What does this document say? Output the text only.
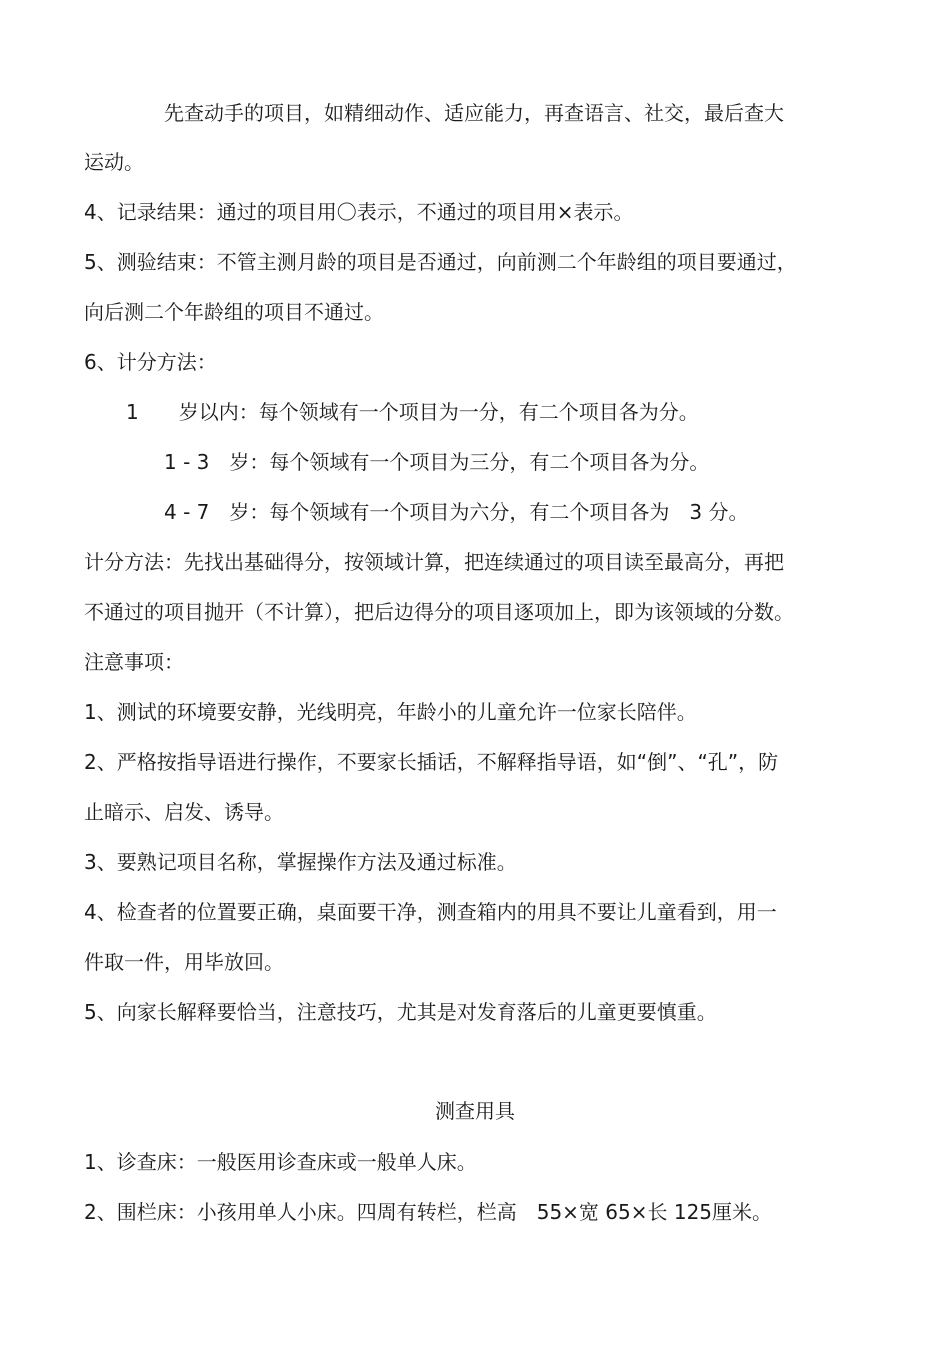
先查动手的项目，如精细动作、适应能力，再查语言、社交，最后查大
运动。
4、记录结果：通过的项目用〇表示，不通过的项目用×表示。
5、测验结束：不管主测月龄的项目是否通过，向前测二个年龄组的项目要通过，
向后测二个年龄组的项目不通过。
6、计分方法：
1　　岁以内：每个领域有一个项目为一分，有二个项目各为分。
1 - 3　岁：每个领域有一个项目为三分，有二个项目各为分。
4 - 7　岁：每个领域有一个项目为六分，有二个项目各为　3 分。
计分方法：先找出基础得分，按领域计算，把连续通过的项目读至最高分，再把
不通过的项目抛开（不计算），把后边得分的项目逐项加上，即为该领域的分数。
注意事项：
1、测试的环境要安静，光线明亮，年龄小的儿童允许一位家长陪伴。
2、严格按指导语进行操作，不要家长插话，不解释指导语，如“倒”、“孔”，防
止暗示、启发、诱导。
3、要熟记项目名称，掌握操作方法及通过标准。
4、检查者的位置要正确，桌面要干净，测查箱内的用具不要让儿童看到，用一
件取一件，用毕放回。
5、向家长解释要恰当，注意技巧，尤其是对发育落后的儿童更要慎重。
测查用具
1、诊查床：一般医用诊查床或一般单人床。
2、围栏床：小孩用单人小床。四周有转栏，栏高　55×宽 65×长 125厘米。
